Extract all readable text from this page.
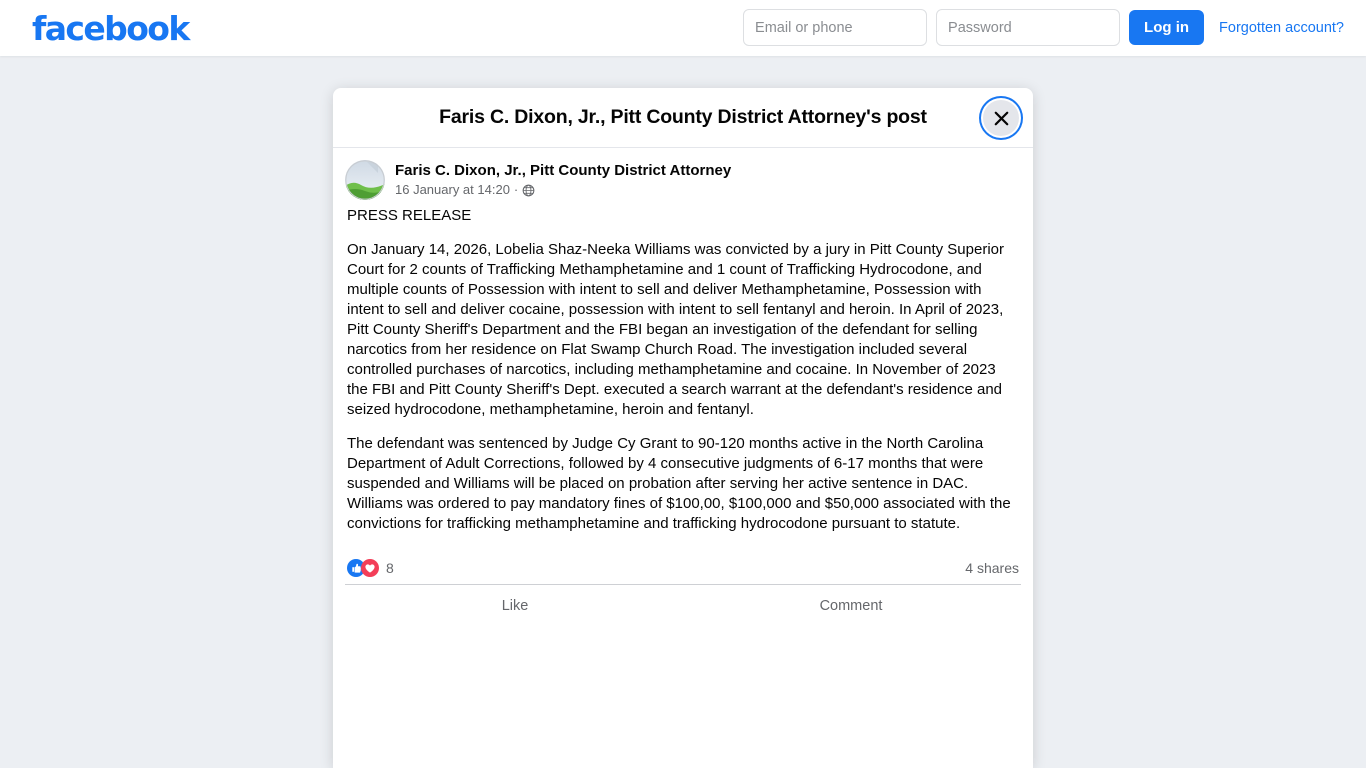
facebook
Email or phone	Log in	Forgotten account?
Faris C. Dixon, Jr., Pitt County District Attorney's post
Faris C. Dixon, Jr., Pitt County District Attorney
16 January at 14:20 ·

PRESS RELEASE

On January 14, 2026, Lobelia Shaz-Neeka Williams was convicted by a jury in Pitt County Superior Court for 2 counts of Trafficking Methamphetamine and 1 count of Trafficking Hydrocodone, and multiple counts of Possession with intent to sell and deliver Methamphetamine, Possession with intent to sell and deliver cocaine, possession with intent to sell fentanyl and heroin. In April of 2023, Pitt County Sheriff's Department and the FBI began an investigation of the defendant for selling narcotics from her residence on Flat Swamp Church Road. The investigation included several controlled purchases of narcotics, including methamphetamine and cocaine. In November of 2023 the FBI and Pitt County Sheriff's Dept. executed a search warrant at the defendant's residence and seized hydrocodone, methamphetamine, heroin and fentanyl.

The defendant was sentenced by Judge Cy Grant to 90-120 months active in the North Carolina Department of Adult Corrections, followed by 4 consecutive judgments of 6-17 months that were suspended and Williams will be placed on probation after serving her active sentence in DAC. Williams was ordered to pay mandatory fines of $100,00, $100,000 and $50,000 associated with the convictions for trafficking methamphetamine and trafficking hydrocodone pursuant to statute.

8	4 shares
Like	Comment
